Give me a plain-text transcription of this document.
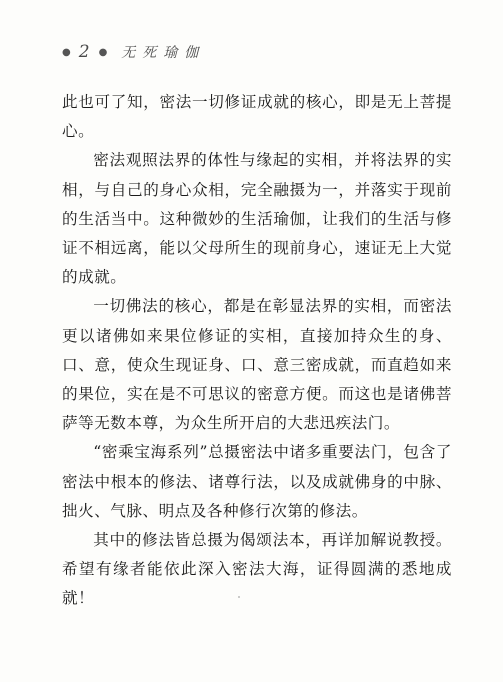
● 2 ● 无死瑜伽

此也可了知，密法一切修证成就的核心，即是无上菩提心。

密法观照法界的体性与缘起的实相，并将法界的实相，与自己的身心众相，完全融摄为一，并落实于现前的生活当中。这种微妙的生活瑜伽，让我们的生活与修证不相远离，能以父母所生的现前身心，速证无上大觉的成就。

一切佛法的核心，都是在彰显法界的实相，而密法更以诸佛如来果位修证的实相，直接加持众生的身、口、意，使众生现证身、口、意三密成就，而直趋如来的果位，实在是不可思议的密意方便。而这也是诸佛菩萨等无数本尊，为众生所开启的大悲迅疾法门。

“密乘宝海系列”总摄密法中诸多重要法门，包含了密法中根本的修法、诸尊行法，以及成就佛身的中脉、拙火、气脉、明点及各种修行次第的修法。

其中的修法皆总摄为偈颂法本，再详加解说教授。希望有缘者能依此深入密法大海，证得圆满的悉地成就！
